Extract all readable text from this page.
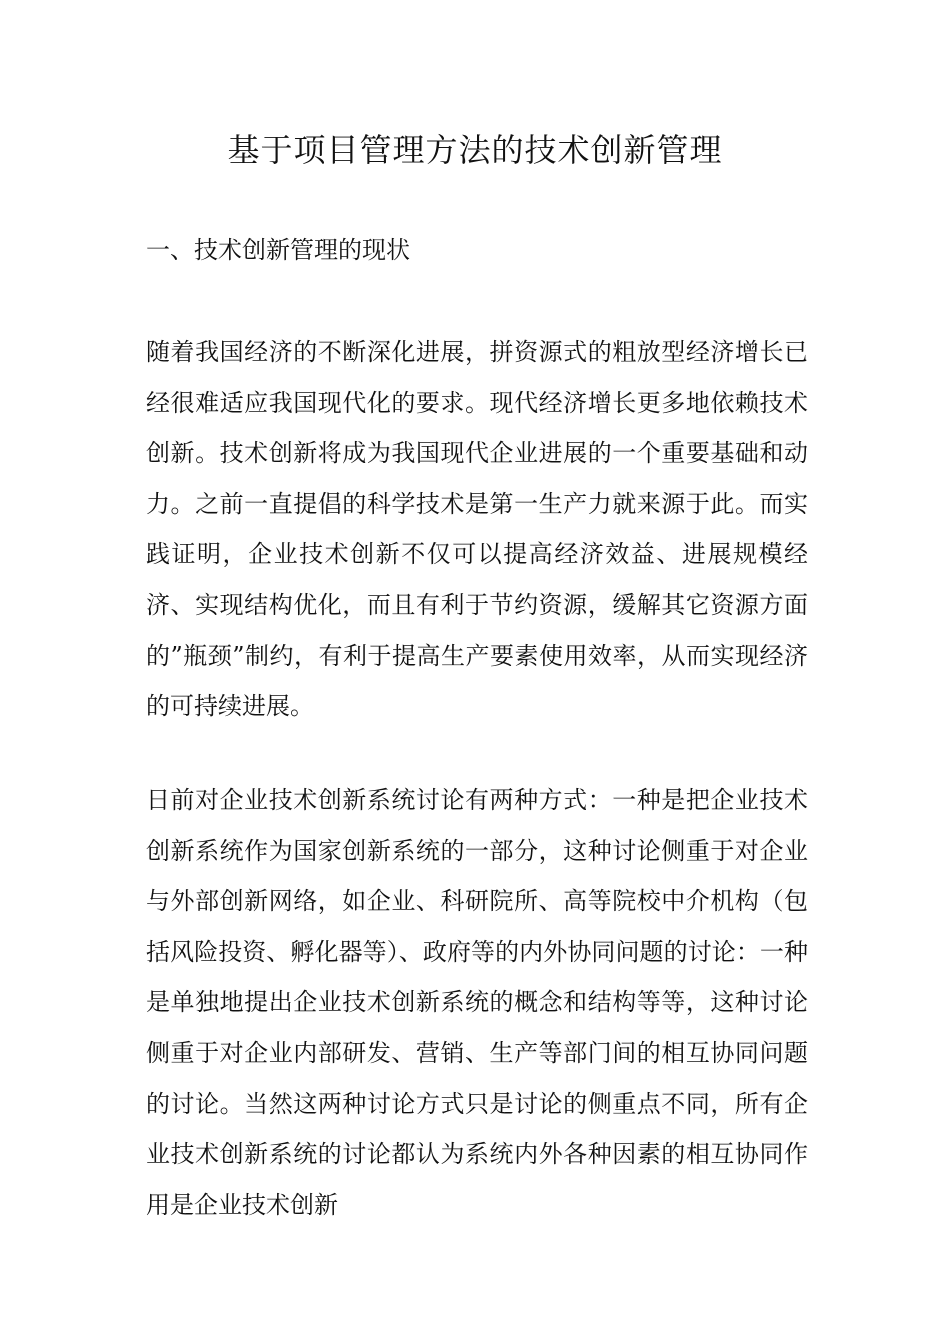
基于项目管理方法的技术创新管理
一、技术创新管理的现状

随着我国经济的不断深化进展，拼资源式的粗放型经济增长已经很难适应我国现代化的要求。现代经济增长更多地依赖技术创新。技术创新将成为我国现代企业进展的一个重要基础和动力。之前一直提倡的科学技术是第一生产力就来源于此。而实践证明，企业技术创新不仅可以提高经济效益、进展规模经济、实现结构优化，而且有利于节约资源，缓解其它资源方面的”瓶颈”制约，有利于提高生产要素使用效率，从而实现经济的可持续进展。

日前对企业技术创新系统讨论有两种方式：一种是把企业技术创新系统作为国家创新系统的一部分，这种讨论侧重于对企业与外部创新网络，如企业、科研院所、高等院校中介机构（包括风险投资、孵化器等）、政府等的内外协同问题的讨论：一种是单独地提出企业技术创新系统的概念和结构等等，这种讨论侧重于对企业内部研发、营销、生产等部门间的相互协同问题的讨论。当然这两种讨论方式只是讨论的侧重点不同，所有企业技术创新系统的讨论都认为系统内外各种因素的相互协同作用是企业技术创新
